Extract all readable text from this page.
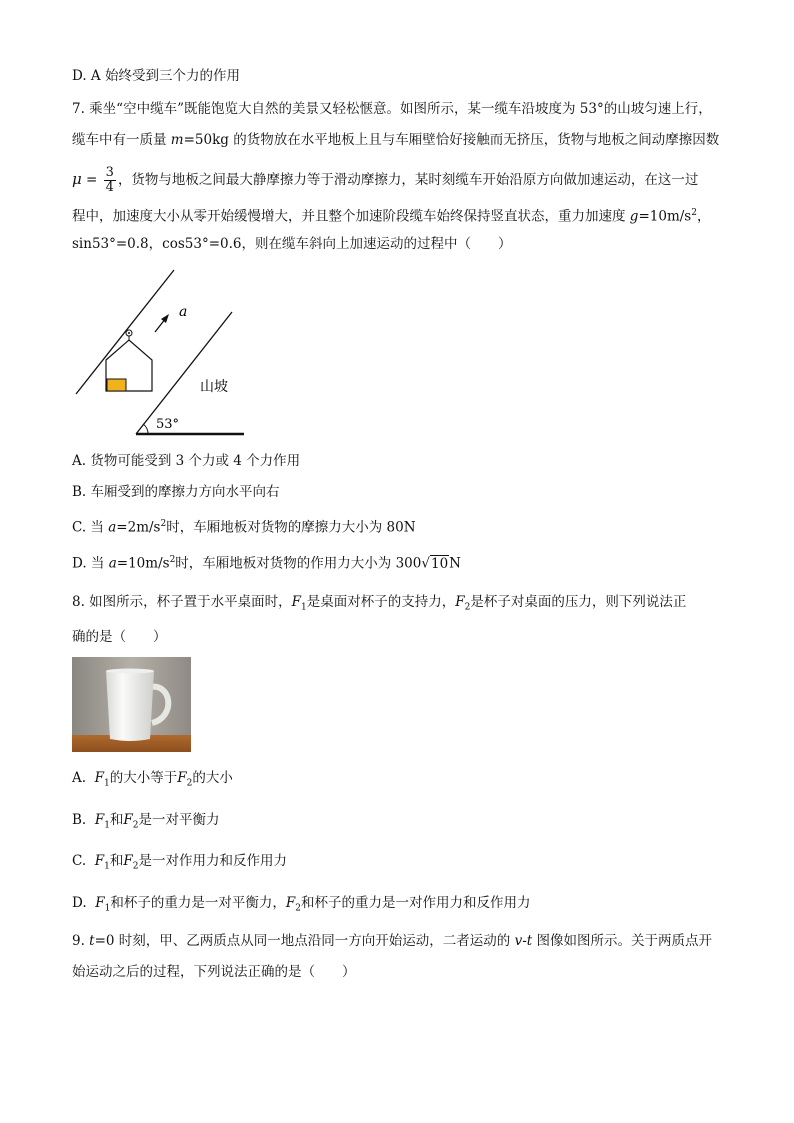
D. A 始终受到三个力的作用
7. 乘坐“空中缆车”既能饱览大自然的美景又轻松惬意。如图所示，某一缆车沿坡度为 53°的山坡匀速上行，
缆车中有一质量 m=50kg 的货物放在水平地板上且与车厢壁恰好接触而无挤压，货物与地板之间动摩擦因数
$\mu = \frac{3}{4}$ ，货物与地板之间最大静摩擦力等于滑动摩擦力，某时刻缆车开始沿原方向做加速运动，在这一过
程中，加速度大小从零开始缓慢增大，并且整个加速阶段缆车始终保持竖直状态，重力加速度 $g=10m/s^2$，
sin53°=0.8，cos53°=0.6，则在缆车斜向上加速运动的过程中（　　）
53°
a
山坡
A. 货物可能受到 3 个力或 4 个力作用
B. 车厢受到的摩擦力方向水平向右
C. 当 $a=2m/s^2$时，车厢地板对货物的摩擦力大小为 80N
D. 当 $a=10m/s^2$时，车厢地板对货物的作用力大小为 300√10N
8. 如图所示，杯子置于水平桌面时，$F_1$是桌面对杯子的支持力，$F_2$是杯子对桌面的压力，则下列说法正
确的是（　　）
A. $F_1$的大小等于$F_2$的大小
B. $F_1$和$F_2$是一对平衡力
C. $F_1$和$F_2$是一对作用力和反作用力
D. $F_1$和杯子的重力是一对平衡力，$F_2$和杯子的重力是一对作用力和反作用力
9. t=0 时刻，甲、乙两质点从同一地点沿同一方向开始运动，二者运动的 v-t 图像如图所示。关于两质点开
始运动之后的过程，下列说法正确的是（　　）
